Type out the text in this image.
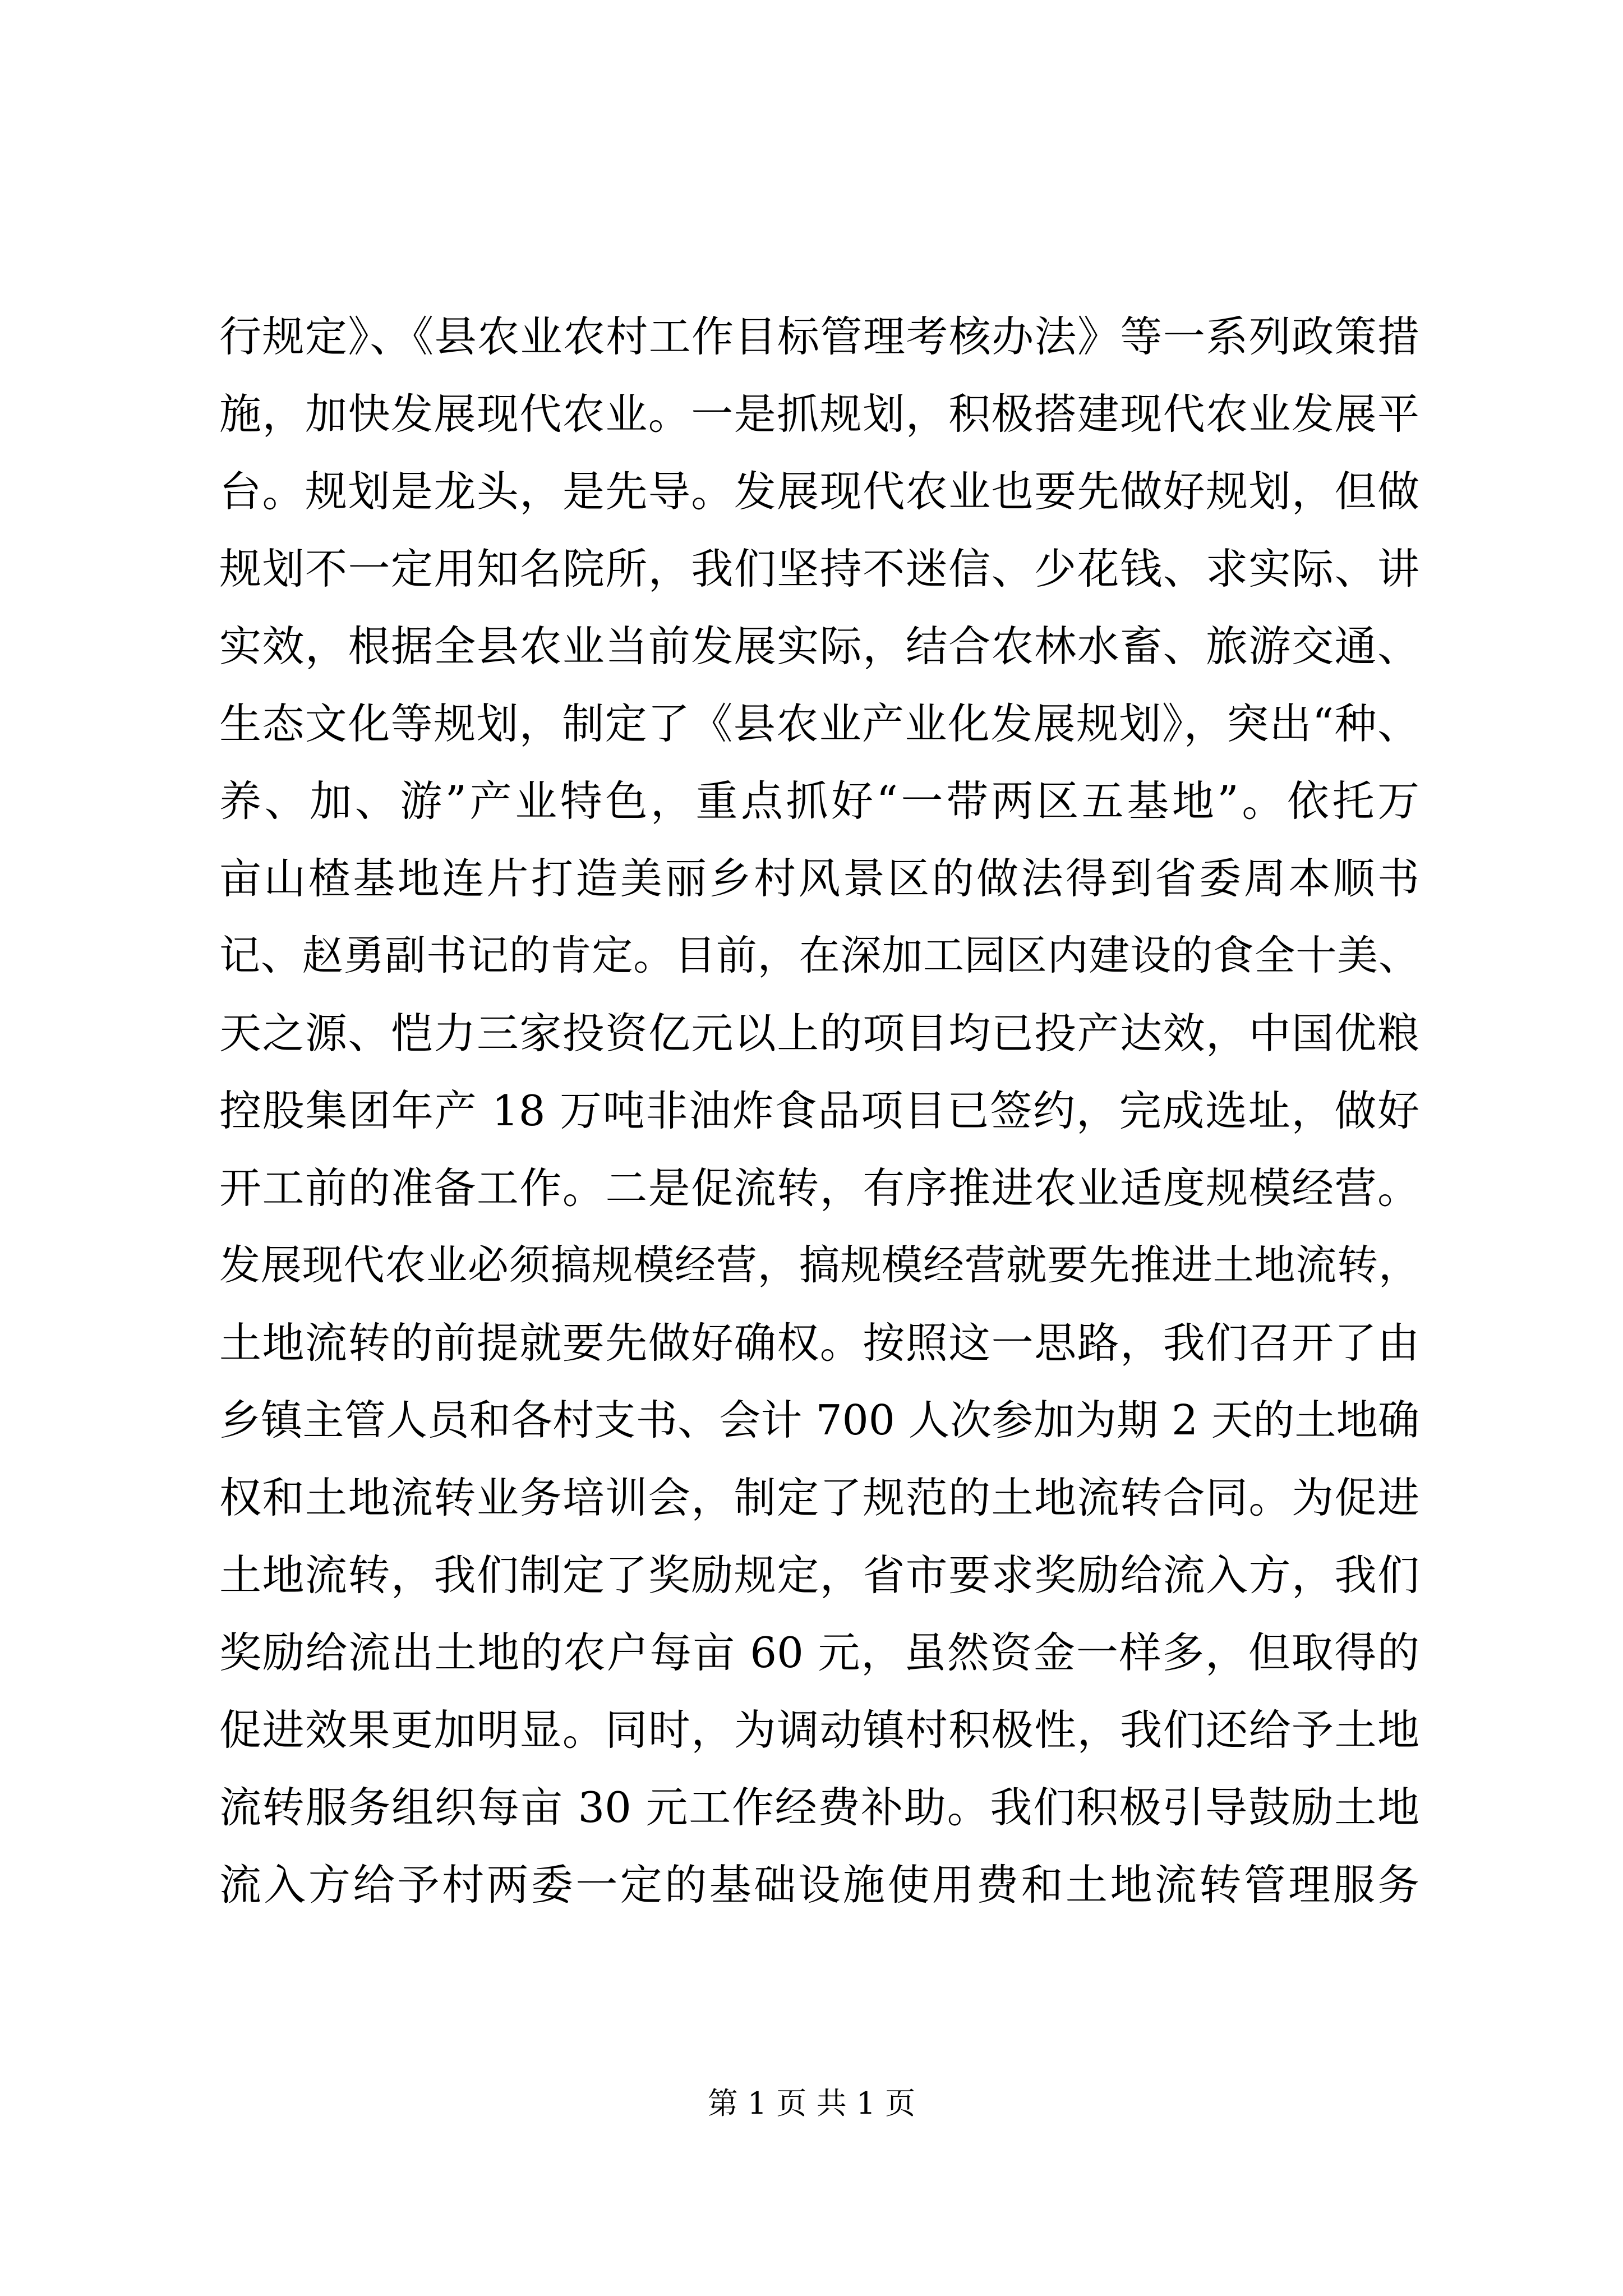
行规定》、《县农业农村工作目标管理考核办法》等一系列政策措
施，加快发展现代农业。一是抓规划，积极搭建现代农业发展平
台。规划是龙头，是先导。发展现代农业也要先做好规划，但做
规划不一定用知名院所，我们坚持不迷信、少花钱、求实际、讲
实效，根据全县农业当前发展实际，结合农林水畜、旅游交通、
生态文化等规划，制定了《县农业产业化发展规划》，突出“种、
养、加、游”产业特色，重点抓好“一带两区五基地”。依托万
亩山楂基地连片打造美丽乡村风景区的做法得到省委周本顺书
记、赵勇副书记的肯定。目前，在深加工园区内建设的食全十美、
天之源、恺力三家投资亿元以上的项目均已投产达效，中国优粮
控股集团年产 18 万吨非油炸食品项目已签约，完成选址，做好
开工前的准备工作。二是促流转，有序推进农业适度规模经营。
发展现代农业必须搞规模经营，搞规模经营就要先推进土地流转，
土地流转的前提就要先做好确权。按照这一思路，我们召开了由
乡镇主管人员和各村支书、会计 700 人次参加为期 2 天的土地确
权和土地流转业务培训会，制定了规范的土地流转合同。为促进
土地流转，我们制定了奖励规定，省市要求奖励给流入方，我们
奖励给流出土地的农户每亩 60 元，虽然资金一样多，但取得的
促进效果更加明显。同时，为调动镇村积极性，我们还给予土地
流转服务组织每亩 30 元工作经费补助。我们积极引导鼓励土地
流入方给予村两委一定的基础设施使用费和土地流转管理服务
第 1 页 共 1 页
